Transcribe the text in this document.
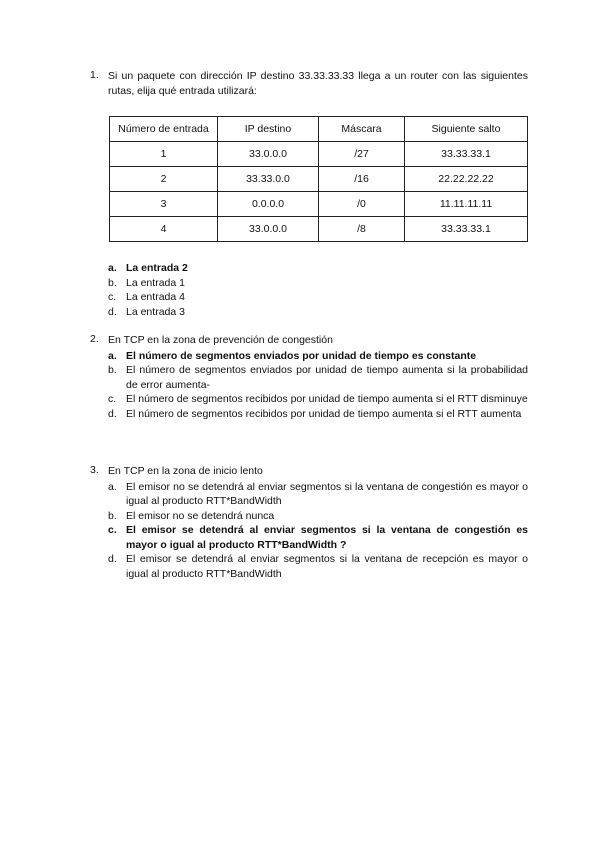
1. Si un paquete con dirección IP destino 33.33.33.33 llega a un router con las siguientes rutas, elija qué entrada utilizará:
Número de entrada	IP destino	Máscara	Siguiente salto
1	33.0.0.0	/27	33.33.33.1
2	33.33.0.0	/16	22.22.22.22
3	0.0.0.0	/0	11.11.11.11
4	33.0.0.0	/8	33.33.33.1
a. La entrada 2
b. La entrada 1
c. La entrada 4
d. La entrada 3
2. En TCP en la zona de prevención de congestión
a. El número de segmentos enviados por unidad de tiempo es constante
b. El número de segmentos enviados por unidad de tiempo aumenta si la probabilidad de error aumenta-
c. El número de segmentos recibidos por unidad de tiempo aumenta si el RTT disminuye
d. El número de segmentos recibidos por unidad de tiempo aumenta si el RTT aumenta
3. En TCP en la zona de inicio lento
a. El emisor no se detendrá al enviar segmentos si la ventana de congestión es mayor o igual al producto RTT*BandWidth
b. El emisor no se detendrá nunca
c. El emisor se detendrá al enviar segmentos si la ventana de congestión es mayor o igual al producto RTT*BandWidth ?
d. El emisor se detendrá al enviar segmentos si la ventana de recepción es mayor o igual al producto RTT*BandWidth
